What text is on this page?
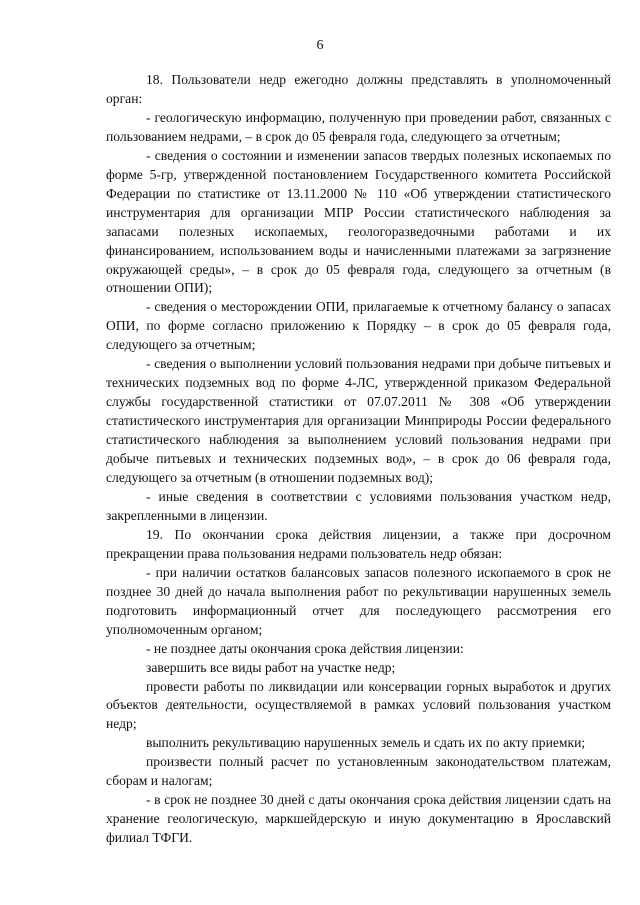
6

18. Пользователи недр ежегодно должны представлять в уполномоченный орган:

- геологическую информацию, полученную при проведении работ, связанных с пользованием недрами, – в срок до 05 февраля года, следующего за отчетным;

- сведения о состоянии и изменении запасов твердых полезных ископаемых по форме 5-гр, утвержденной постановлением Государственного комитета Российской Федерации по статистике от 13.11.2000 № 110 «Об утверждении статистического инструментария для организации МПР России статистического наблюдения за запасами полезных ископаемых, геологоразведочными работами и их финансированием, использованием воды и начисленными платежами за загрязнение окружающей среды», – в срок до 05 февраля года, следующего за отчетным (в отношении ОПИ);

- сведения о месторождении ОПИ, прилагаемые к отчетному балансу о запасах ОПИ, по форме согласно приложению к Порядку – в срок до 05 февраля года, следующего за отчетным;

- сведения о выполнении условий пользования недрами при добыче питьевых и технических подземных вод по форме 4-ЛС, утвержденной приказом Федеральной службы государственной статистики от 07.07.2011 № 308 «Об утверждении статистического инструментария для организации Минприроды России федерального статистического наблюдения за выполнением условий пользования недрами при добыче питьевых и технических подземных вод», – в срок до 06 февраля года, следующего за отчетным (в отношении подземных вод);

- иные сведения в соответствии с условиями пользования участком недр, закрепленными в лицензии.

19. По окончании срока действия лицензии, а также при досрочном прекращении права пользования недрами пользователь недр обязан:

- при наличии остатков балансовых запасов полезного ископаемого в срок не позднее 30 дней до начала выполнения работ по рекультивации нарушенных земель подготовить информационный отчет для последующего рассмотрения его уполномоченным органом;

- не позднее даты окончания срока действия лицензии:

завершить все виды работ на участке недр;

провести работы по ликвидации или консервации горных выработок и других объектов деятельности, осуществляемой в рамках условий пользования участком недр;

выполнить рекультивацию нарушенных земель и сдать их по акту приемки;

произвести полный расчет по установленным законодательством платежам, сборам и налогам;

- в срок не позднее 30 дней с даты окончания срока действия лицензии сдать на хранение геологическую, маркшейдерскую и иную документацию в Ярославский филиал ТФГИ.
